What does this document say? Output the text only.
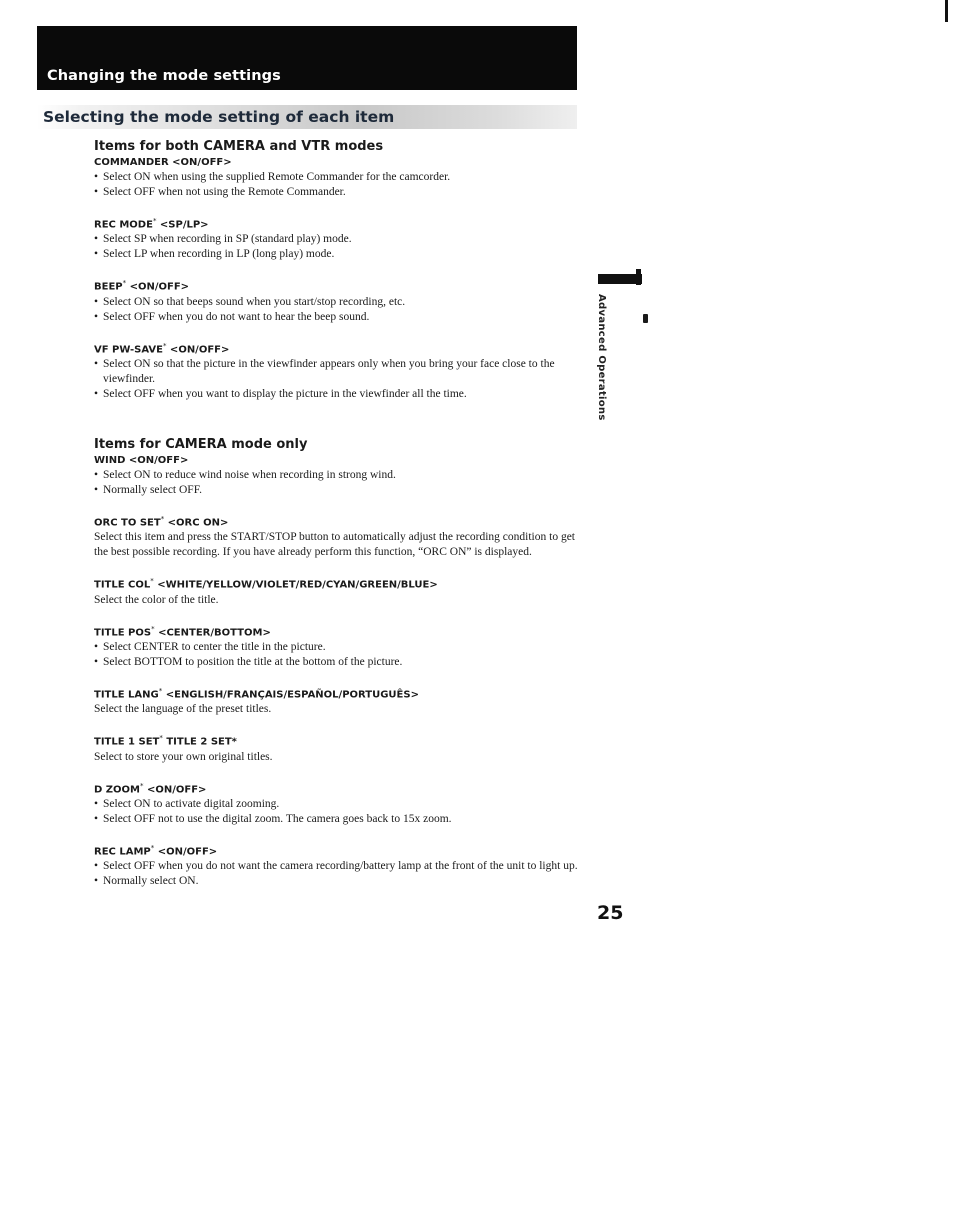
Changing the mode settings
Selecting the mode setting of each item

Items for both CAMERA and VTR modes

COMMANDER <ON/OFF>

• Select ON when using the supplied Remote Commander for the camcorder.
• Select OFF when not using the Remote Commander.

REC MODE* <SP/LP>

• Select SP when recording in SP (standard play) mode.
• Select LP when recording in LP (long play) mode.

BEEP* <ON/OFF>

• Select ON so that beeps sound when you start/stop recording, etc.
• Select OFF when you do not want to hear the beep sound.

VF PW-SAVE* <ON/OFF>

• Select ON so that the picture in the viewfinder appears only when you bring your face close to the viewfinder.
• Select OFF when you want to display the picture in the viewfinder all the time.

Items for CAMERA mode only

WIND <ON/OFF>

• Select ON to reduce wind noise when recording in strong wind.
• Normally select OFF.

ORC TO SET* <ORC ON>

Select this item and press the START/STOP button to automatically adjust the recording condition to get the best possible recording. If you have already perform this function, “ORC ON” is displayed.

TITLE COL* <WHITE/YELLOW/VIOLET/RED/CYAN/GREEN/BLUE>

Select the color of the title.

TITLE POS* <CENTER/BOTTOM>

• Select CENTER to center the title in the picture.
• Select BOTTOM to position the title at the bottom of the picture.

TITLE LANG* <ENGLISH/FRANÇAIS/ESPAÑOL/PORTUGUÊS>

Select the language of the preset titles.

TITLE 1 SET* TITLE 2 SET*

Select to store your own original titles.

D ZOOM* <ON/OFF>

• Select ON to activate digital zooming.
• Select OFF not to use the digital zoom. The camera goes back to 15x zoom.

REC LAMP* <ON/OFF>

• Select OFF when you do not want the camera recording/battery lamp at the front of the unit to light up.
• Normally select ON.
Advanced Operations
25
